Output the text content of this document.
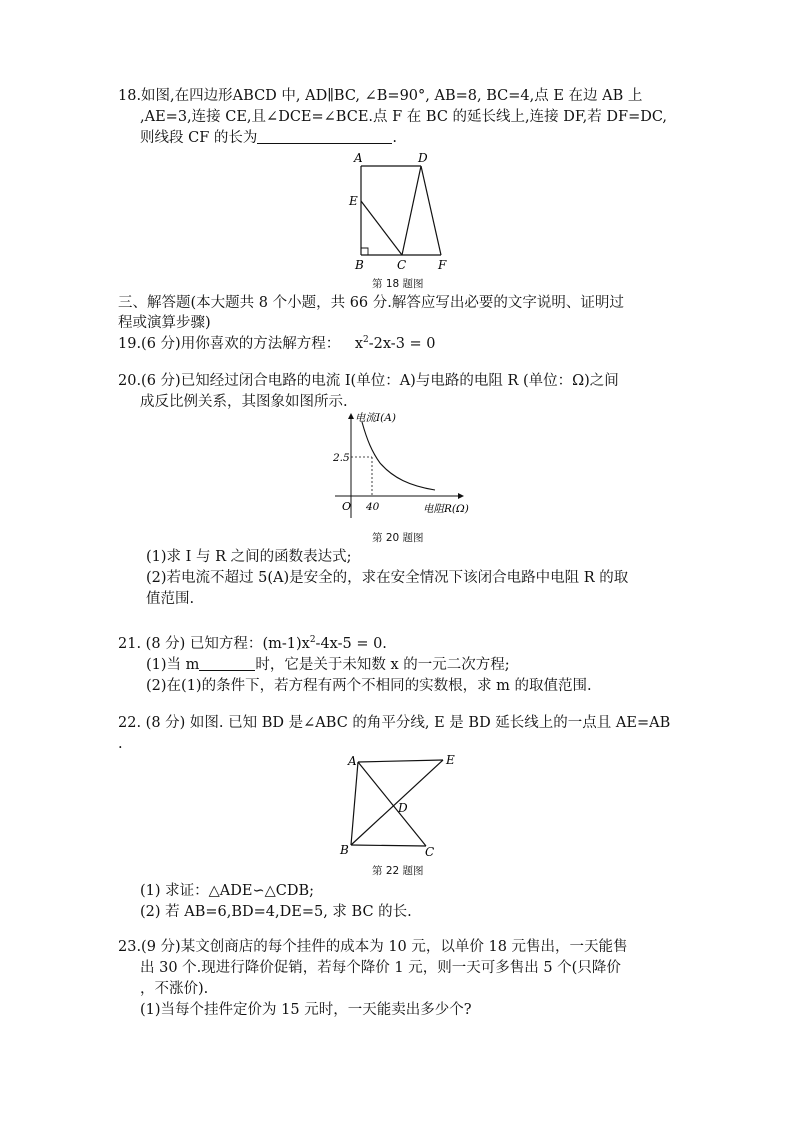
18.如图,在四边形ABCD 中, AD∥BC, ∠B=90°, AB=8, BC=4,点 E 在边 AB 上
,AE=3,连接 CE,且∠DCE=∠BCE.点 F 在 BC 的延长线上,连接 DF,若 DF=DC,
则线段 CF 的长为	.
A	D
E
B	C	F
第 18 题图
三、解答题(本大题共 8 个小题，共 66 分.解答应写出必要的文字说明、证明过
程或演算步骤)
19.(6 分)用你喜欢的方法解方程： $x^2-2x-3 = 0$
20.(6 分)已知经过闭合电路的电流 I(单位：A)与电路的电阻 R (单位：Ω)之间
成反比例关系，其图象如图所示.
电流I(A)
2.5
O 40	电阻R(Ω)
第 20 题图
(1)求 I 与 R 之间的函数表达式;
(2)若电流不超过 5(A)是安全的，求在安全情况下该闭合电路中电阻 R 的取
值范围.
21. (8 分) 已知方程：$(m-1)x^2-4x-5 = 0$.
(1)当 m	时，它是关于未知数 x 的一元二次方程;
(2)在(1)的条件下，若方程有两个不相同的实数根，求 m 的取值范围.
22. (8 分) 如图. 已知 BD 是∠ABC 的角平分线, E 是 BD 延长线上的一点且 AE=AB
.
A	E
D
B	C
第 22 题图
(1) 求证：△ADE∽△CDB;
(2) 若 AB=6,BD=4,DE=5, 求 BC 的长.
23.(9 分)某文创商店的每个挂件的成本为 10 元，以单价 18 元售出，一天能售
出 30 个.现进行降价促销，若每个降价 1 元，则一天可多售出 5 个(只降价
，不涨价).
(1)当每个挂件定价为 15 元时，一天能卖出多少个?
